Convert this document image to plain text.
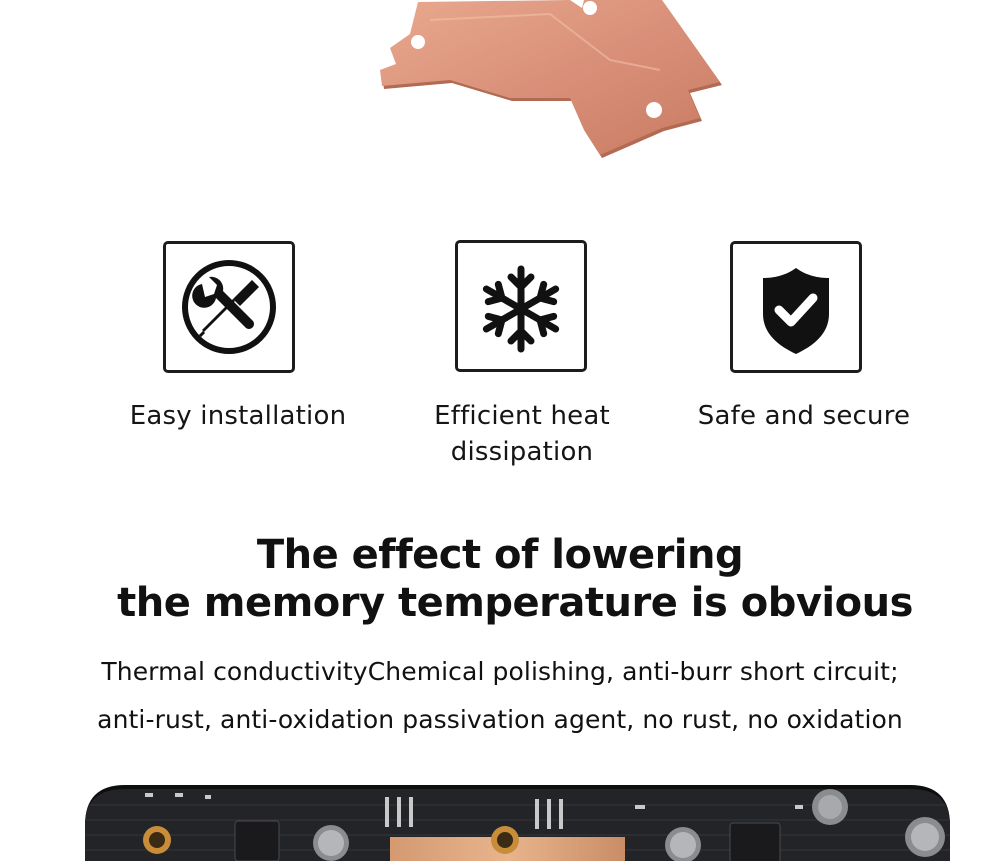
Easy installation	Efficient heat dissipation
Safe and secure
The effect of lowering
the memory temperature is obvious
Thermal conductivityChemical polishing, anti-burr short circuit;
anti-rust, anti-oxidation passivation agent, no rust, no oxidation
